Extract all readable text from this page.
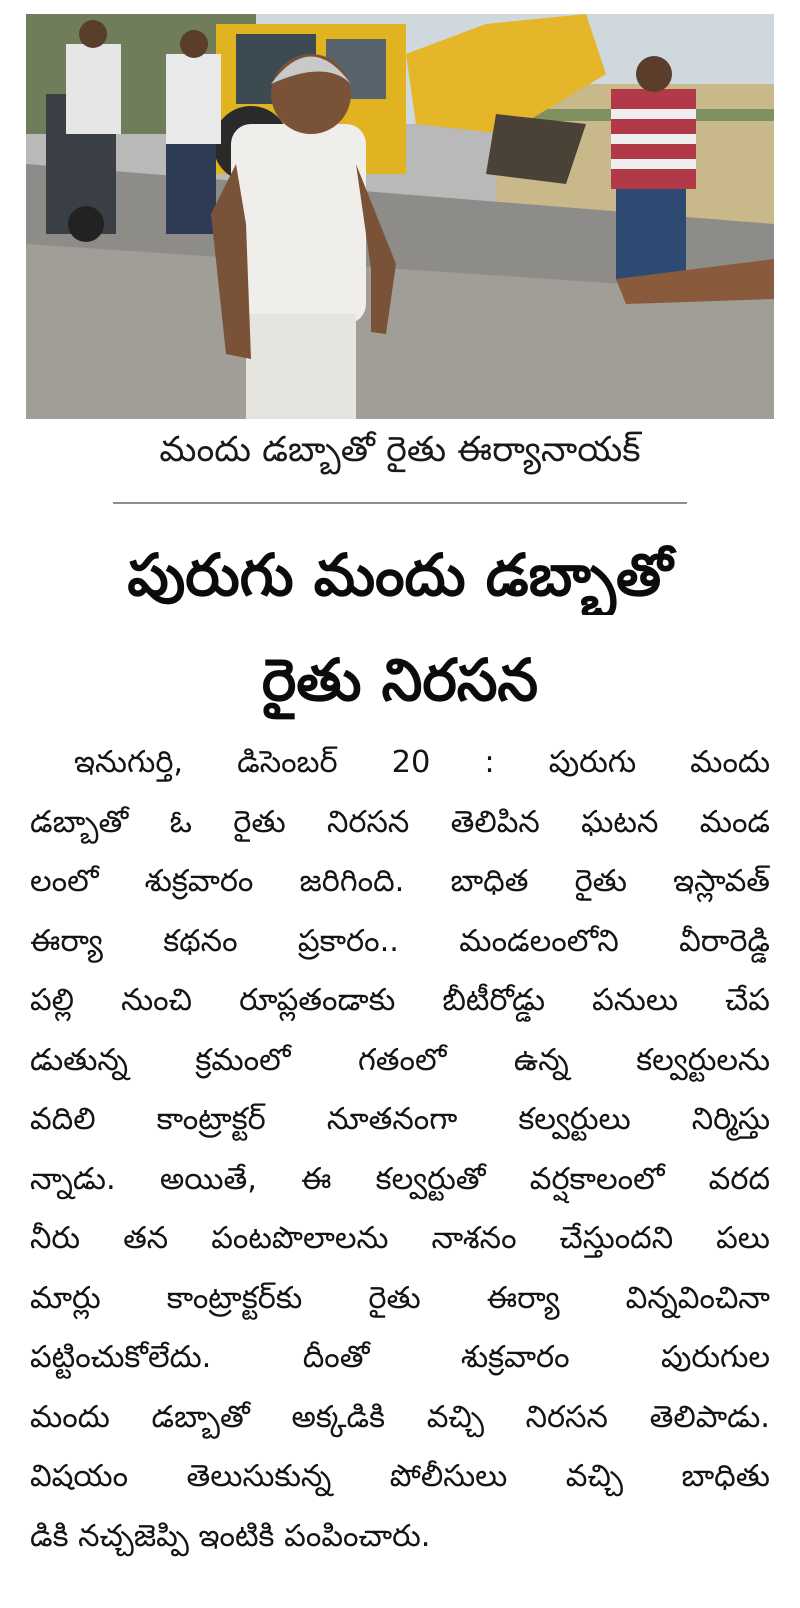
మందు డబ్బాతో రైతు ఈర్యానాయక్
పురుగు మందు డబ్బాతో
రైతు నిరసన
ఇనుగుర్తి, డిసెంబర్ 20 : పురుగు మందు
డబ్బాతో ఓ రైతు నిరసన తెలిపిన ఘటన మండ
లంలో శుక్రవారం జరిగింది. బాధిత రైతు ఇస్లావత్
ఈర్యా కథనం ప్రకారం.. మండలంలోని వీరారెడ్డి
పల్లి నుంచి రూప్లతండాకు బీటీరోడ్డు పనులు చేప
డుతున్న క్రమంలో గతంలో ఉన్న కల్వర్టులను
వదిలి కాంట్రాక్టర్ నూతనంగా కల్వర్టులు నిర్మిస్తు
న్నాడు. అయితే, ఈ కల్వర్టుతో వర్షకాలంలో వరద
నీరు తన పంటపొలాలను నాశనం చేస్తుందని పలు
మార్లు కాంట్రాక్టర్‌కు రైతు ఈర్యా విన్నవించినా
పట్టించుకోలేదు. దీంతో శుక్రవారం పురుగుల
మందు డబ్బాతో అక్కడికి వచ్చి నిరసన తెలిపాడు.
విషయం తెలుసుకున్న పోలీసులు వచ్చి బాధితు
డికి నచ్చజెప్పి ఇంటికి పంపించారు.
